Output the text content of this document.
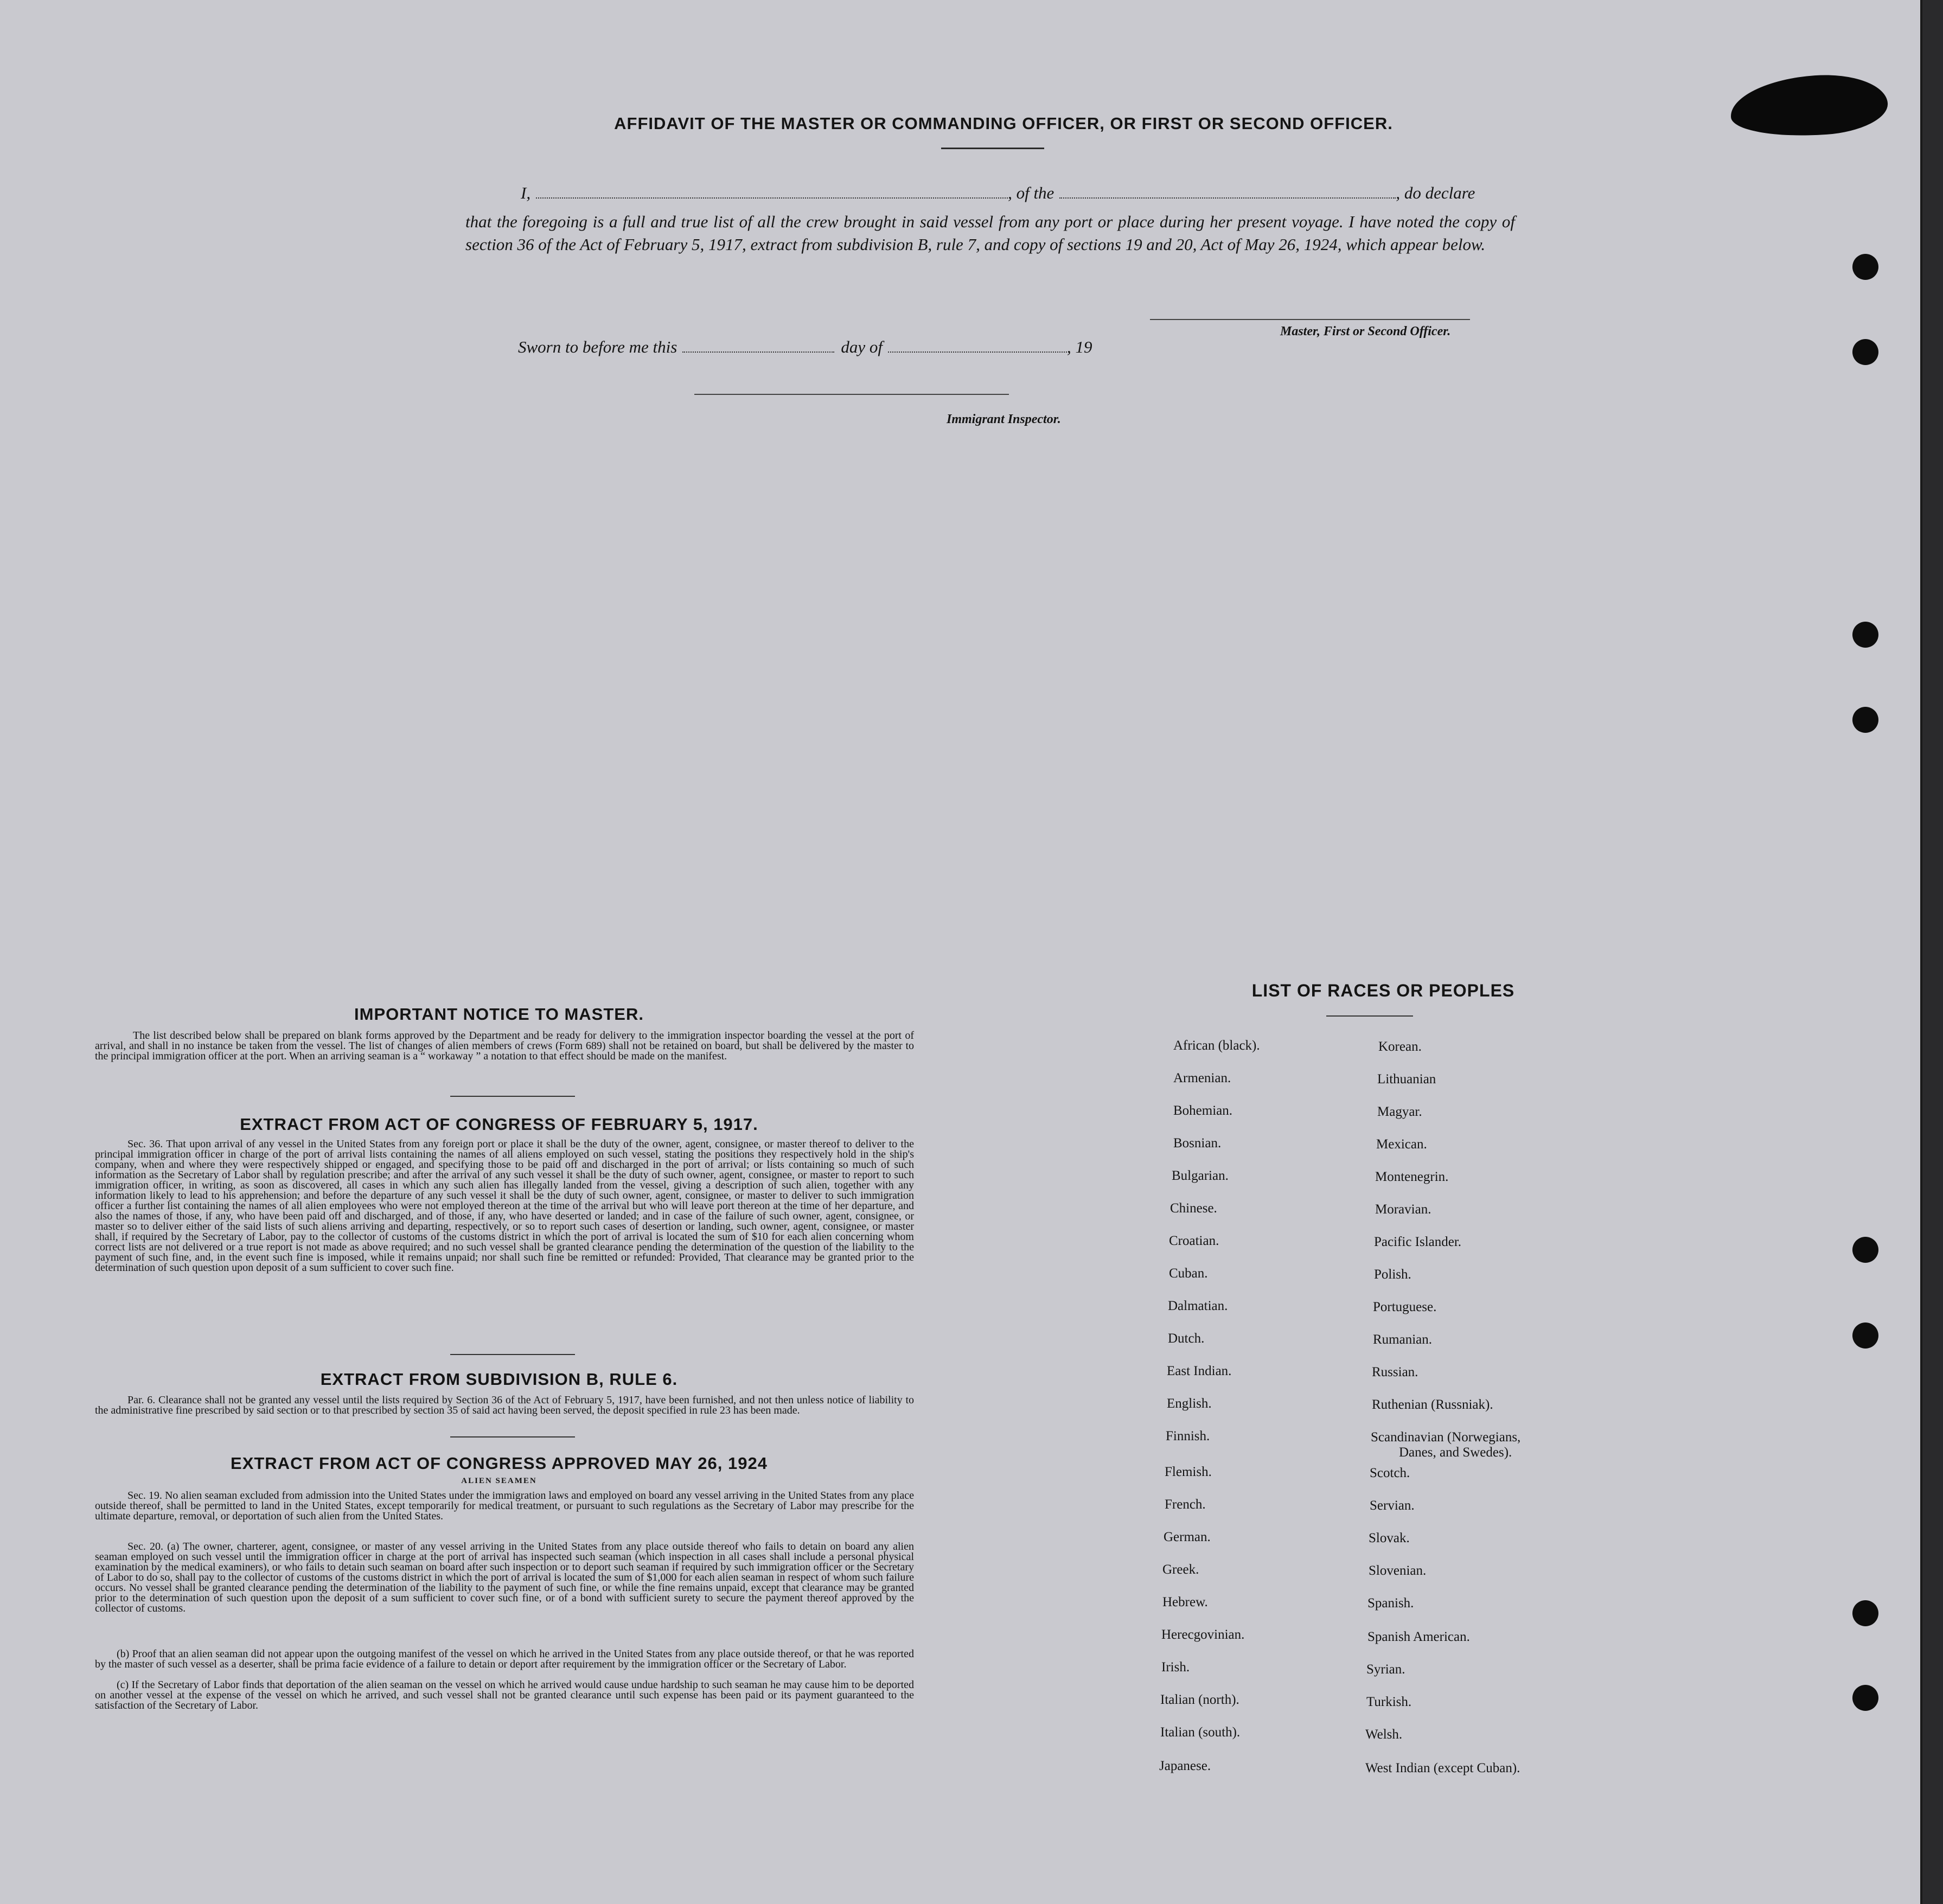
AFFIDAVIT OF THE MASTER OR COMMANDING OFFICER, OR FIRST OR SECOND OFFICER.
I,	, of the	, do declare
that the foregoing is a full and true list of all the crew brought in said vessel from any port or place during her present voyage. I have noted the copy of section 36 of the Act of February 5, 1917, extract from subdivision B, rule 7, and copy of sections 19 and 20, Act of May 26, 1924, which appear below.
Master, First or Second Officer.
Sworn to before me this	day of	, 19
Immigrant Inspector.
IMPORTANT NOTICE TO MASTER.
The list described below shall be prepared on blank forms approved by the Department and be ready for delivery to the immigration inspector boarding the vessel at the port of arrival, and shall in no instance be taken from the vessel. The list of changes of alien members of crews (Form 689) shall not be retained on board, but shall be delivered by the master to the principal immigration officer at the port. When an arriving seaman is a “ workaway ” a notation to that effect should be made on the manifest.
EXTRACT FROM ACT OF CONGRESS OF FEBRUARY 5, 1917.
Sec. 36. That upon arrival of any vessel in the United States from any foreign port or place it shall be the duty of the owner, agent, consignee, or master thereof to deliver to the principal immigration officer in charge of the port of arrival lists containing the names of all aliens employed on such vessel, stating the positions they respectively hold in the ship's company, when and where they were respectively shipped or engaged, and specifying those to be paid off and discharged in the port of arrival; or lists containing so much of such information as the Secretary of Labor shall by regulation prescribe; and after the arrival of any such vessel it shall be the duty of such owner, agent, consignee, or master to report to such immigration officer, in writing, as soon as discovered, all cases in which any such alien has illegally landed from the vessel, giving a description of such alien, together with any information likely to lead to his apprehension; and before the departure of any such vessel it shall be the duty of such owner, agent, consignee, or master to deliver to such immigration officer a further list containing the names of all alien employees who were not employed thereon at the time of the arrival but who will leave port thereon at the time of her departure, and also the names of those, if any, who have been paid off and discharged, and of those, if any, who have deserted or landed; and in case of the failure of such owner, agent, consignee, or master so to deliver either of the said lists of such aliens arriving and departing, respectively, or so to report such cases of desertion or landing, such owner, agent, consignee, or master shall, if required by the Secretary of Labor, pay to the collector of customs of the customs district in which the port of arrival is located the sum of $10 for each alien concerning whom correct lists are not delivered or a true report is not made as above required; and no such vessel shall be granted clearance pending the determination of the question of the liability to the payment of such fine, and, in the event such fine is imposed, while it remains unpaid; nor shall such fine be remitted or refunded: Provided, That clearance may be granted prior to the determination of such question upon deposit of a sum sufficient to cover such fine.
EXTRACT FROM SUBDIVISION B, RULE 6.
Par. 6. Clearance shall not be granted any vessel until the lists required by Section 36 of the Act of February 5, 1917, have been furnished, and not then unless notice of liability to the administrative fine prescribed by said section or to that prescribed by section 35 of said act having been served, the deposit specified in rule 23 has been made.
EXTRACT FROM ACT OF CONGRESS APPROVED MAY 26, 1924
ALIEN SEAMEN
Sec. 19. No alien seaman excluded from admission into the United States under the immigration laws and employed on board any vessel arriving in the United States from any place outside thereof, shall be permitted to land in the United States, except temporarily for medical treatment, or pursuant to such regulations as the Secretary of Labor may prescribe for the ultimate departure, removal, or deportation of such alien from the United States.
Sec. 20. (a) The owner, charterer, agent, consignee, or master of any vessel arriving in the United States from any place outside thereof who fails to detain on board any alien seaman employed on such vessel until the immigration officer in charge at the port of arrival has inspected such seaman (which inspection in all cases shall include a personal physical examination by the medical examiners), or who fails to detain such seaman on board after such inspection or to deport such seaman if required by such immigration officer or the Secretary of Labor to do so, shall pay to the collector of customs of the customs district in which the port of arrival is located the sum of $1,000 for each alien seaman in respect of whom such failure occurs. No vessel shall be granted clearance pending the determination of the liability to the payment of such fine, or while the fine remains unpaid, except that clearance may be granted prior to the determination of such question upon the deposit of a sum sufficient to cover such fine, or of a bond with sufficient surety to secure the payment thereof approved by the collector of customs.
(b) Proof that an alien seaman did not appear upon the outgoing manifest of the vessel on which he arrived in the United States from any place outside thereof, or that he was reported by the master of such vessel as a deserter, shall be prima facie evidence of a failure to detain or deport after requirement by the immigration officer or the Secretary of Labor.
(c) If the Secretary of Labor finds that deportation of the alien seaman on the vessel on which he arrived would cause undue hardship to such seaman he may cause him to be deported on another vessel at the expense of the vessel on which he arrived, and such vessel shall not be granted clearance until such expense has been paid or its payment guaranteed to the satisfaction of the Secretary of Labor.
LIST OF RACES OR PEOPLES
African (black).
Armenian.
Bohemian.
Bosnian.
Bulgarian.
Chinese.
Croatian.
Cuban.
Dalmatian.
Dutch.
East Indian.
English.
Finnish.
Flemish.
French.
German.
Greek.
Hebrew.
Herecgovinian.
Irish.
Italian (north).
Italian (south).
Japanese.
Korean.
Lithuanian
Magyar.
Mexican.
Montenegrin.
Moravian.
Pacific Islander.
Polish.
Portuguese.
Rumanian.
Russian.
Ruthenian (Russniak).
Scandinavian (Norwegians,
Danes, and Swedes).
Scotch.
Servian.
Slovak.
Slovenian.
Spanish.
Spanish American.
Syrian.
Turkish.
Welsh.
West Indian (except Cuban).
